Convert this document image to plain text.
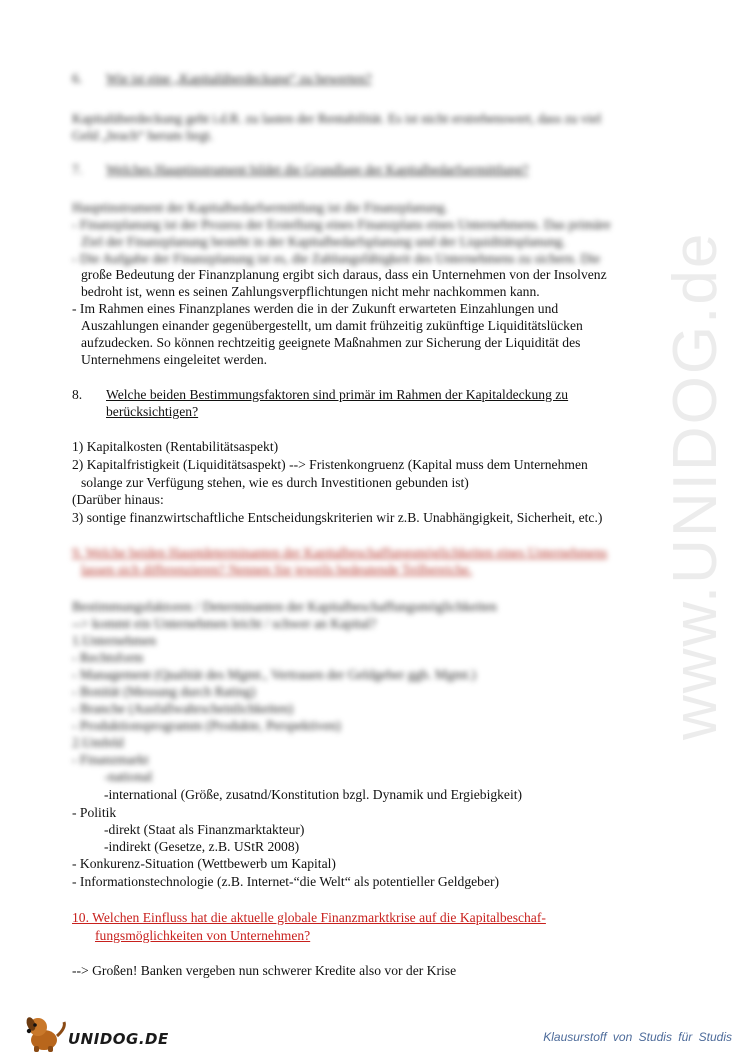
www.UNIDOG.de
6. Wie ist eine „Kapitalüberdeckung“ zu bewerten?
Kapitalüberdeckung geht i.d.R. zu lasten der Rentabilität. Es ist nicht erstrebenswert, dass zu viel
Geld „brach“ herum liegt.
7. Welches Hauptinstrument bildet die Grundlage der Kapitalbedarfsermittlung?
Hauptinstrument der Kapitalbedarfsermittlung ist die Finanzplanung.
- Finanzplanung ist der Prozess der Erstellung eines Finanzplans eines Unternehmens. Das primäre
Ziel der Finanzplanung besteht in der Kapitalbedarfsplanung und der Liquiditätsplanung.
- Die Aufgabe der Finanzplanung ist es, die Zahlungsfähigkeit des Unternehmens zu sichern. Die
große Bedeutung der Finanzplanung ergibt sich daraus, dass ein Unternehmen von der Insolvenz
bedroht ist, wenn es seinen Zahlungsverpflichtungen nicht mehr nachkommen kann.
- Im Rahmen eines Finanzplanes werden die in der Zukunft erwarteten Einzahlungen und
Auszahlungen einander gegenübergestellt, um damit frühzeitig zukünftige Liquiditätslücken
aufzudecken. So können rechtzeitig geeignete Maßnahmen zur Sicherung der Liquidität des
Unternehmens eingeleitet werden.
8. Welche beiden Bestimmungsfaktoren sind primär im Rahmen der Kapitaldeckung zu
berücksichtigen?
1) Kapitalkosten (Rentabilitätsaspekt)
2) Kapitalfristigkeit (Liquiditätsaspekt) --> Fristenkongruenz (Kapital muss dem Unternehmen
solange zur Verfügung stehen, wie es durch Investitionen gebunden ist)
(Darüber hinaus:
3) sontige finanzwirtschaftliche Entscheidungskriterien wir z.B. Unabhängigkeit, Sicherheit, etc.)
9. Welche beiden Hauptdeterminanten der Kapitalbeschaffungsmöglichkeiten eines Unternehmens
lassen sich differenzieren? Nennen Sie jeweils bedeutende Teilbereiche.
Bestimmungsfaktoren / Determinanten der Kapitalbeschaffungsmöglichkeiten
--> kommt ein Unternehmen leicht / schwer an Kapital?
1.Unternehmen
- Rechtsform
- Management (Qualität des Mgmt., Vertrauen der Geldgeber ggb. Mgmt.)
- Bonität (Messung durch Rating)
- Branche (Ausfallwahrscheinlichkeiten)
- Produktionsprogramm (Produkte, Perspektiven)
2.Umfeld
- Finanzmarkt
-national
-international (Größe, zusatnd/Konstitution bzgl. Dynamik und Ergiebigkeit)
- Politik
-direkt (Staat als Finanzmarktakteur)
-indirekt (Gesetze, z.B. UStR 2008)
- Konkurenz-Situation (Wettbewerb um Kapital)
- Informationstechnologie (z.B. Internet-“die Welt“ als potentieller Geldgeber)
10. Welchen Einfluss hat die aktuelle globale Finanzmarktkrise auf die Kapitalbeschaf-
fungsmöglichkeiten von Unternehmen?
--> Großen! Banken vergeben nun schwerer Kredite also vor der Krise
UNIDOG.DE	Klausurstoff von Studis für Studis
